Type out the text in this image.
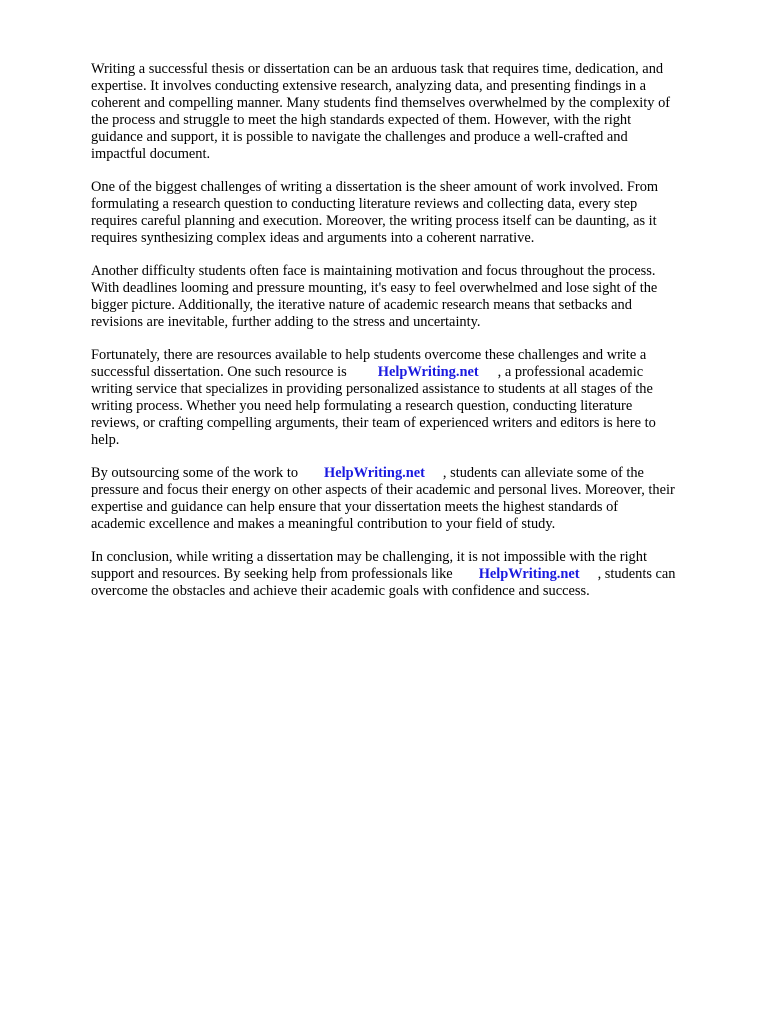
Writing a successful thesis or dissertation can be an arduous task that requires time, dedication, and
expertise. It involves conducting extensive research, analyzing data, and presenting findings in a
coherent and compelling manner. Many students find themselves overwhelmed by the complexity of
the process and struggle to meet the high standards expected of them. However, with the right
guidance and support, it is possible to navigate the challenges and produce a well-crafted and
impactful document.

One of the biggest challenges of writing a dissertation is the sheer amount of work involved. From
formulating a research question to conducting literature reviews and collecting data, every step
requires careful planning and execution. Moreover, the writing process itself can be daunting, as it
requires synthesizing complex ideas and arguments into a coherent narrative.

Another difficulty students often face is maintaining motivation and focus throughout the process.
With deadlines looming and pressure mounting, it's easy to feel overwhelmed and lose sight of the
bigger picture. Additionally, the iterative nature of academic research means that setbacks and
revisions are inevitable, further adding to the stress and uncertainty.

Fortunately, there are resources available to help students overcome these challenges and write a
successful dissertation. One such resource is HelpWriting.net , a professional academic
writing service that specializes in providing personalized assistance to students at all stages of the
writing process. Whether you need help formulating a research question, conducting literature
reviews, or crafting compelling arguments, their team of experienced writers and editors is here to
help.

By outsourcing some of the work to HelpWriting.net , students can alleviate some of the
pressure and focus their energy on other aspects of their academic and personal lives. Moreover, their
expertise and guidance can help ensure that your dissertation meets the highest standards of
academic excellence and makes a meaningful contribution to your field of study.

In conclusion, while writing a dissertation may be challenging, it is not impossible with the right
support and resources. By seeking help from professionals like HelpWriting.net , students can
overcome the obstacles and achieve their academic goals with confidence and success.
